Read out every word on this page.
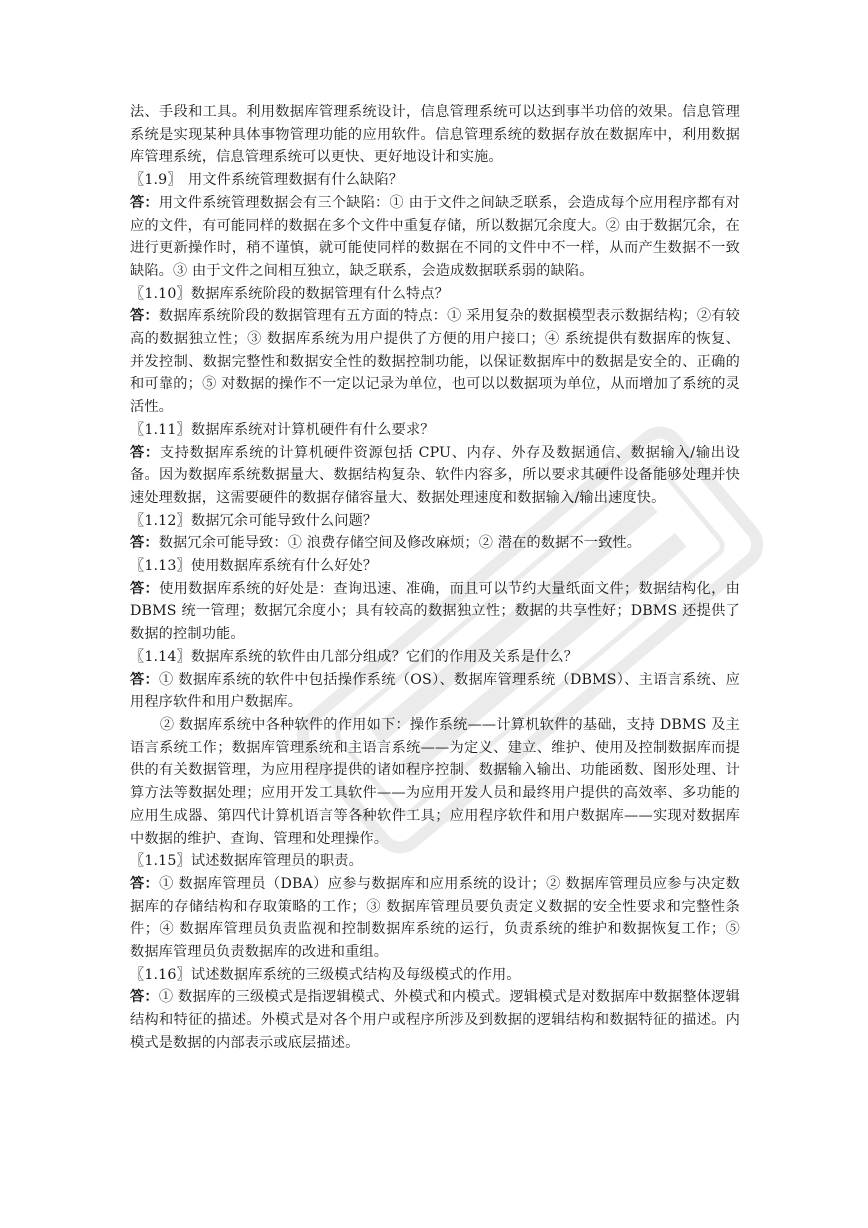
法、手段和工具。利用数据库管理系统设计，信息管理系统可以达到事半功倍的效果。信息管理系统是实现某种具体事物管理功能的应用软件。信息管理系统的数据存放在数据库中，利用数据库管理系统，信息管理系统可以更快、更好地设计和实施。

〖1.9〗 用文件系统管理数据有什么缺陷？

答：用文件系统管理数据会有三个缺陷：① 由于文件之间缺乏联系，会造成每个应用程序都有对应的文件，有可能同样的数据在多个文件中重复存储，所以数据冗余度大。② 由于数据冗余，在进行更新操作时，稍不谨慎，就可能使同样的数据在不同的文件中不一样，从而产生数据不一致缺陷。③ 由于文件之间相互独立，缺乏联系，会造成数据联系弱的缺陷。

〖1.10〗数据库系统阶段的数据管理有什么特点？

答：数据库系统阶段的数据管理有五方面的特点：① 采用复杂的数据模型表示数据结构；②有较高的数据独立性；③ 数据库系统为用户提供了方便的用户接口；④ 系统提供有数据库的恢复、并发控制、数据完整性和数据安全性的数据控制功能，以保证数据库中的数据是安全的、正确的和可靠的；⑤ 对数据的操作不一定以记录为单位，也可以以数据项为单位，从而增加了系统的灵活性。

〖1.11〗数据库系统对计算机硬件有什么要求？

答：支持数据库系统的计算机硬件资源包括 CPU、内存、外存及数据通信、数据输入/输出设备。因为数据库系统数据量大、数据结构复杂、软件内容多，所以要求其硬件设备能够处理并快速处理数据，这需要硬件的数据存储容量大、数据处理速度和数据输入/输出速度快。

〖1.12〗数据冗余可能导致什么问题？

答：数据冗余可能导致：① 浪费存储空间及修改麻烦；② 潜在的数据不一致性。

〖1.13〗使用数据库系统有什么好处？

答：使用数据库系统的好处是：查询迅速、准确，而且可以节约大量纸面文件；数据结构化，由 DBMS 统一管理；数据冗余度小；具有较高的数据独立性；数据的共享性好；DBMS 还提供了数据的控制功能。

〖1.14〗数据库系统的软件由几部分组成？它们的作用及关系是什么？

答：① 数据库系统的软件中包括操作系统（OS）、数据库管理系统（DBMS）、主语言系统、应用程序软件和用户数据库。

② 数据库系统中各种软件的作用如下：操作系统——计算机软件的基础，支持 DBMS 及主语言系统工作；数据库管理系统和主语言系统——为定义、建立、维护、使用及控制数据库而提供的有关数据管理，为应用程序提供的诸如程序控制、数据输入输出、功能函数、图形处理、计算方法等数据处理；应用开发工具软件——为应用开发人员和最终用户提供的高效率、多功能的应用生成器、第四代计算机语言等各种软件工具；应用程序软件和用户数据库——实现对数据库中数据的维护、查询、管理和处理操作。

〖1.15〗试述数据库管理员的职责。

答：① 数据库管理员（DBA）应参与数据库和应用系统的设计；② 数据库管理员应参与决定数据库的存储结构和存取策略的工作；③ 数据库管理员要负责定义数据的安全性要求和完整性条件；④ 数据库管理员负责监视和控制数据库系统的运行，负责系统的维护和数据恢复工作；⑤ 数据库管理员负责数据库的改进和重组。

〖1.16〗试述数据库系统的三级模式结构及每级模式的作用。

答：① 数据库的三级模式是指逻辑模式、外模式和内模式。逻辑模式是对数据库中数据整体逻辑结构和特征的描述。外模式是对各个用户或程序所涉及到数据的逻辑结构和数据特征的描述。内模式是数据的内部表示或底层描述。
